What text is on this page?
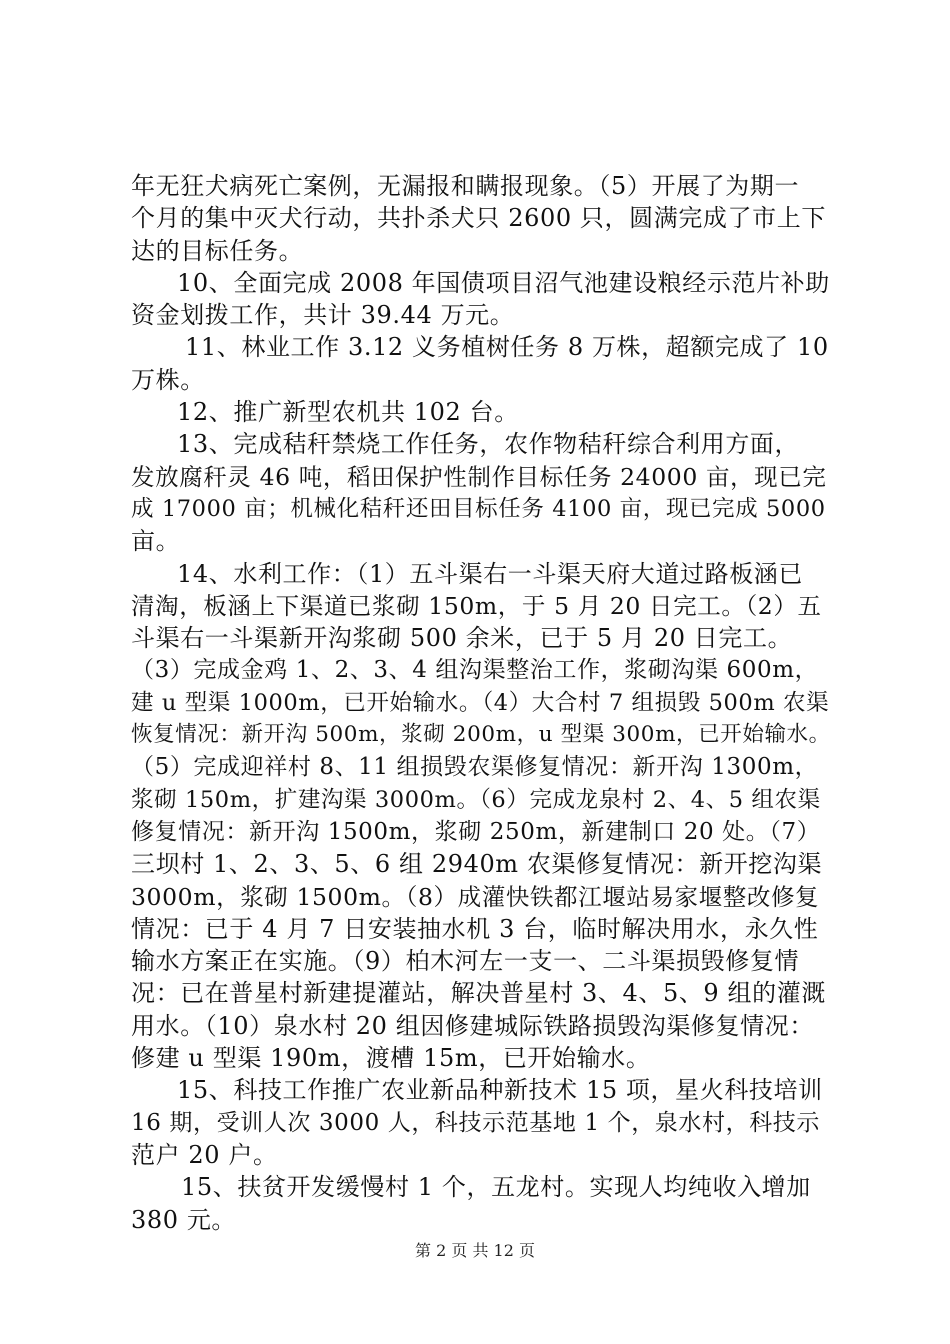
年无狂犬病死亡案例，无漏报和瞒报现象。（5）开展了为期一
个月的集中灭犬行动，共扑杀犬只 2600 只，圆满完成了市上下
达的目标任务。
10、全面完成 2008 年国债项目沼气池建设粮经示范片补助
资金划拨工作，共计 39.44 万元。
11、林业工作 3.12 义务植树任务 8 万株，超额完成了 10
万株。
12、推广新型农机共 102 台。
13、完成秸秆禁烧工作任务，农作物秸秆综合利用方面，
发放腐秆灵 46 吨，稻田保护性制作目标任务 24000 亩，现已完
成 17000 亩；机械化秸秆还田目标任务 4100 亩，现已完成 5000
亩。
14、水利工作：（1）五斗渠右一斗渠天府大道过路板涵已
清淘，板涵上下渠道已浆砌 150m，于 5 月 20 日完工。（2）五
斗渠右一斗渠新开沟浆砌 500 余米，已于 5 月 20 日完工。
（3）完成金鸡 1、2、3、4 组沟渠整治工作，浆砌沟渠 600m，
建 u 型渠 1000m，已开始输水。（4）大合村 7 组损毁 500m 农渠
恢复情况：新开沟 500m，浆砌 200m，u 型渠 300m，已开始输水。
（5）完成迎祥村 8、11 组损毁农渠修复情况：新开沟 1300m，
浆砌 150m，扩建沟渠 3000m。（6）完成龙泉村 2、4、5 组农渠
修复情况：新开沟 1500m，浆砌 250m，新建制口 20 处。（7）
三坝村 1、2、3、5、6 组 2940m 农渠修复情况：新开挖沟渠
3000m，浆砌 1500m。（8）成灌快铁都江堰站易家堰整改修复
情况：已于 4 月 7 日安装抽水机 3 台，临时解决用水，永久性
输水方案正在实施。（9）柏木河左一支一、二斗渠损毁修复情
况：已在普星村新建提灌站，解决普星村 3、4、5、9 组的灌溉
用水。（10）泉水村 20 组因修建城际铁路损毁沟渠修复情况：
修建 u 型渠 190m，渡槽 15m，已开始输水。
15、科技工作推广农业新品种新技术 15 项，星火科技培训
16 期，受训人次 3000 人，科技示范基地 1 个，泉水村，科技示
范户 20 户。
15、扶贫开发缓慢村 1 个，五龙村。实现人均纯收入增加
380 元。
第 2 页 共 12 页
